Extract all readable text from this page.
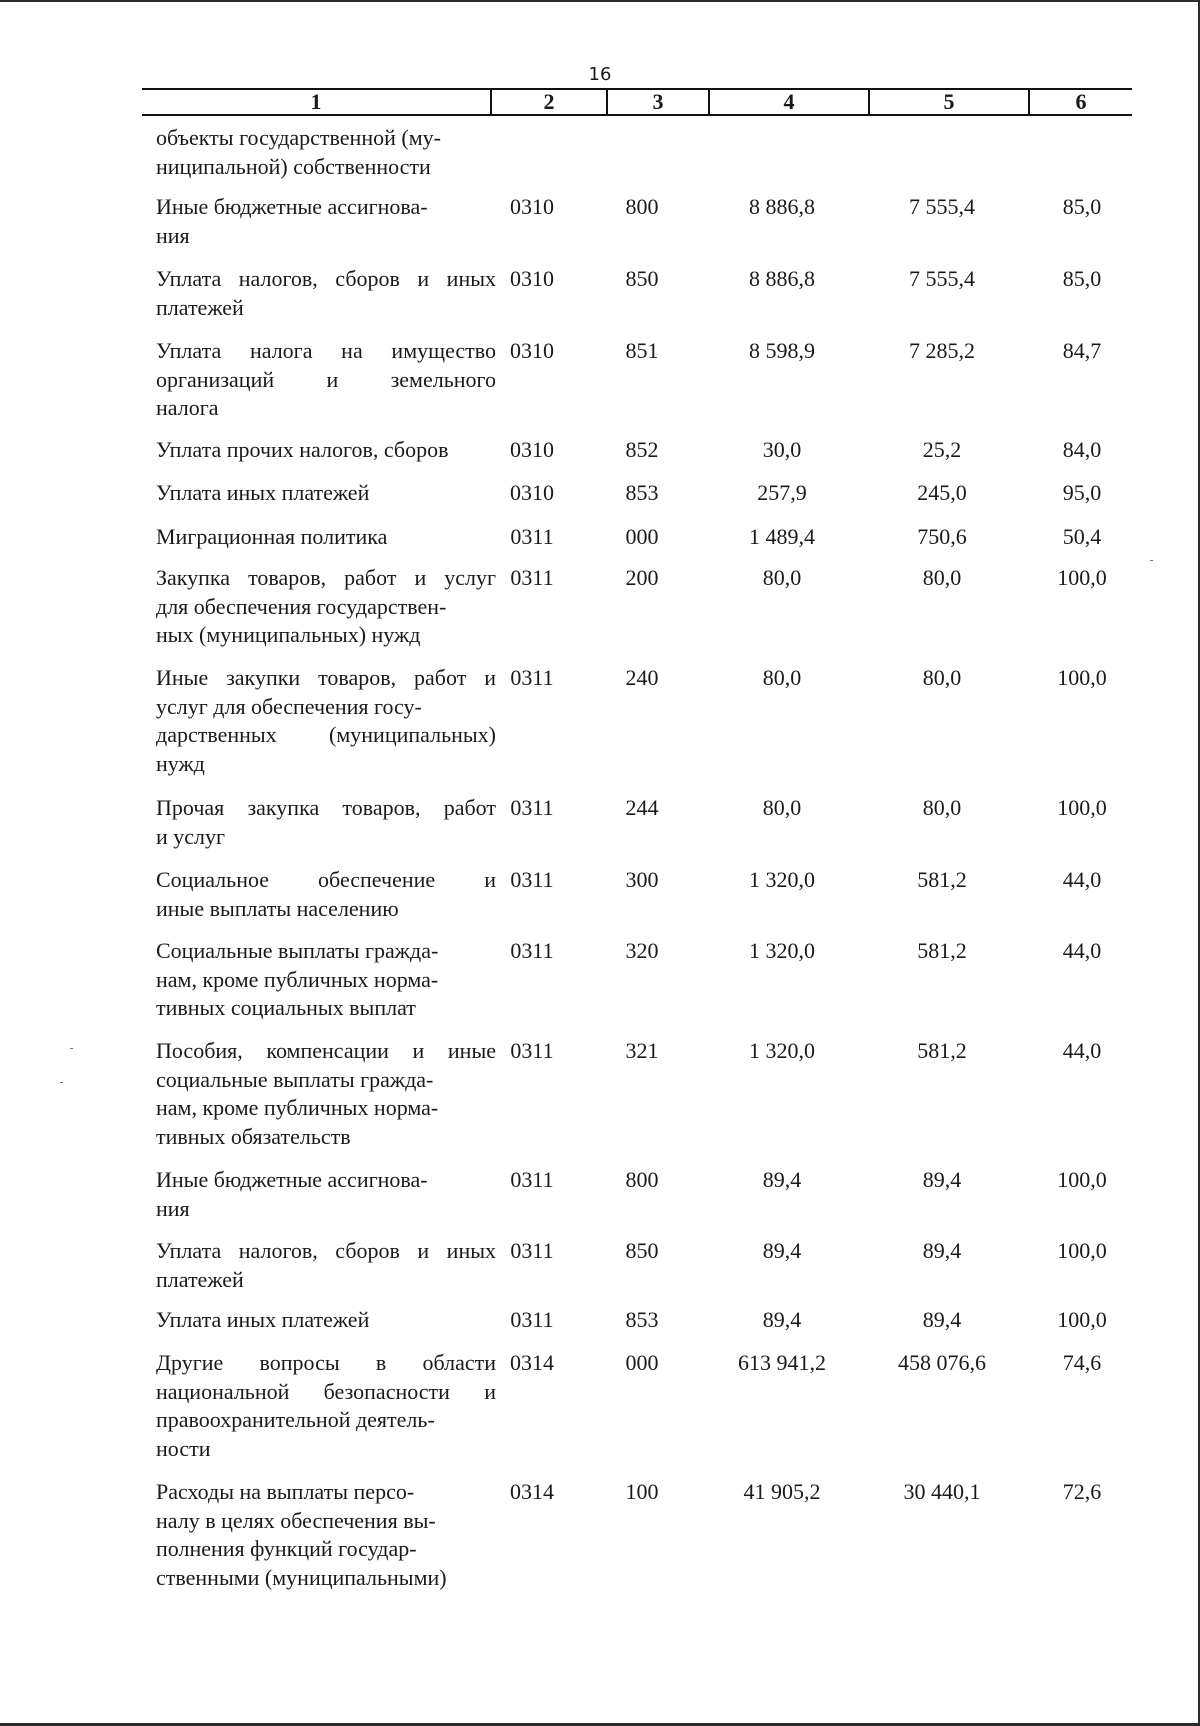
16
1	2	3	4	5	6
объекты государственной (му-
ниципальной) собственности
Иные бюджетные ассигнова-
ния
0310	800	8 886,8	7 555,4	85,0
Уплата налогов, сборов и иных
платежей
0310	850	8 886,8	7 555,4	85,0
Уплата налога на имущество
организаций и земельного
налога
0310	851	8 598,9	7 285,2	84,7
Уплата прочих налогов, сборов	0310	852	30,0	25,2	84,0
Уплата иных платежей	0310	853	257,9	245,0	95,0
Миграционная политика	0311	000	1 489,4	750,6	50,4
Закупка товаров, работ и услуг
для обеспечения государствен-
ных (муниципальных) нужд
0311	200	80,0	80,0	100,0
Иные закупки товаров, работ и
услуг для обеспечения госу-
дарственных (муниципальных)
нужд
0311	240	80,0	80,0	100,0
Прочая закупка товаров, работ
и услуг
0311	244	80,0	80,0	100,0
Социальное обеспечение и
иные выплаты населению
0311	300	1 320,0	581,2	44,0
Социальные выплаты гражда-
нам, кроме публичных норма-
тивных социальных выплат
0311	320	1 320,0	581,2	44,0
Пособия, компенсации и иные
социальные выплаты гражда-
нам, кроме публичных норма-
тивных обязательств
0311	321	1 320,0	581,2	44,0
Иные бюджетные ассигнова-
ния
0311	800	89,4	89,4	100,0
Уплата налогов, сборов и иных
платежей
0311	850	89,4	89,4	100,0
Уплата иных платежей	0311	853	89,4	89,4	100,0
Другие вопросы в области
национальной безопасности и
правоохранительной деятель-
ности
0314	000	613 941,2	458 076,6	74,6
Расходы на выплаты персо-
налу в целях обеспечения вы-
полнения функций государ-
ственными (муниципальными)
0314	100	41 905,2	30 440,1	72,6
